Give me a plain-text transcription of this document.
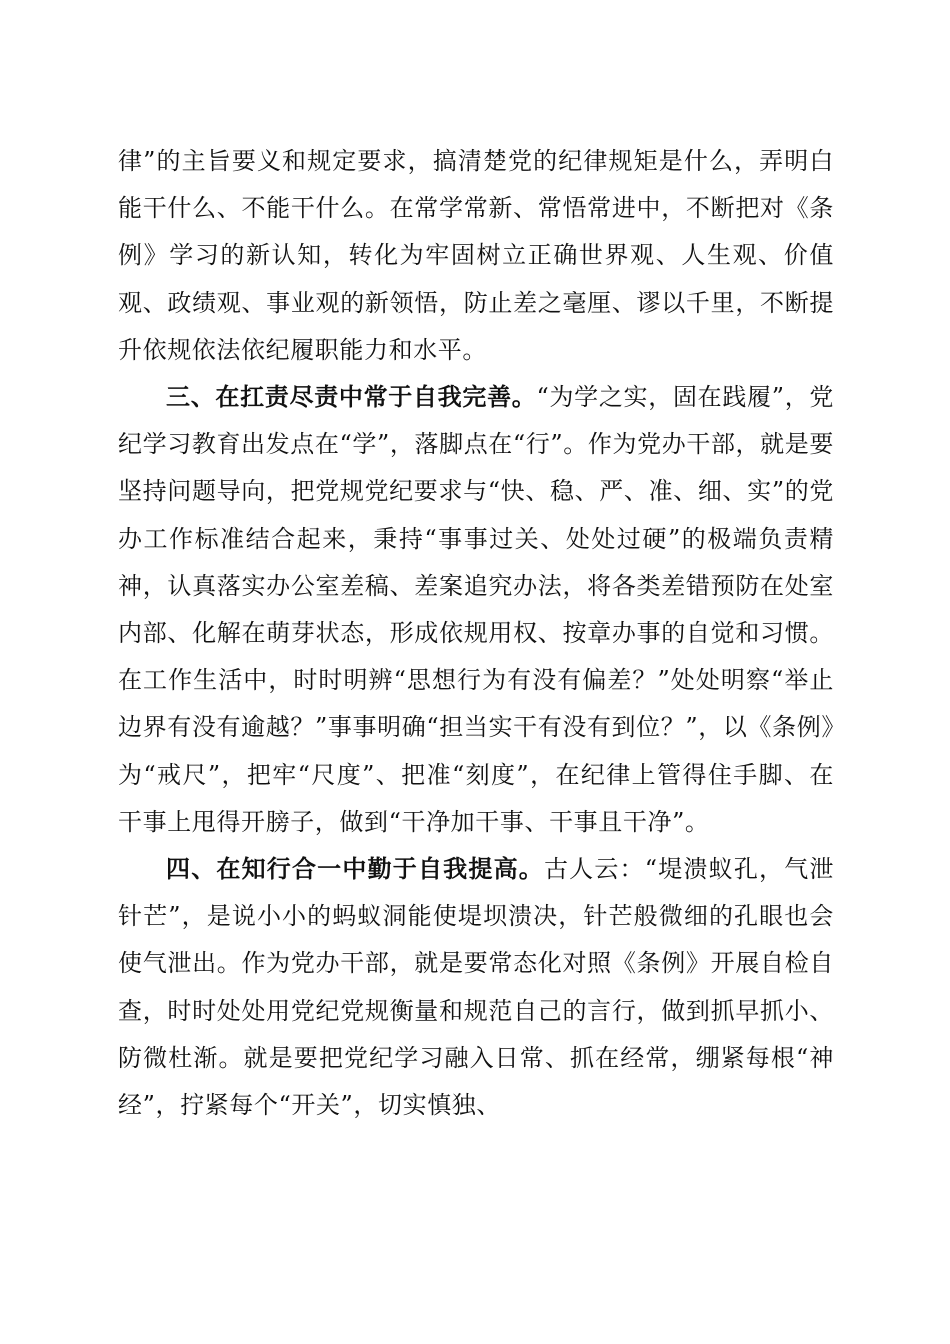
律”的主旨要义和规定要求，搞清楚党的纪律规矩是什么，弄明白能干什么、不能干什么。在常学常新、常悟常进中，不断把对《条例》学习的新认知，转化为牢固树立正确世界观、人生观、价值观、政绩观、事业观的新领悟，防止差之毫厘、谬以千里，不断提升依规依法依纪履职能力和水平。

三、在扛责尽责中常于自我完善。“为学之实，固在践履”，党纪学习教育出发点在“学”，落脚点在“行”。作为党办干部，就是要坚持问题导向，把党规党纪要求与“快、稳、严、准、细、实”的党办工作标准结合起来，秉持“事事过关、处处过硬”的极端负责精神，认真落实办公室差稿、差案追究办法，将各类差错预防在处室内部、化解在萌芽状态，形成依规用权、按章办事的自觉和习惯。在工作生活中，时时明辨“思想行为有没有偏差？”处处明察“举止边界有没有逾越？”事事明确“担当实干有没有到位？”，以《条例》为“戒尺”，把牢“尺度”、把准“刻度”，在纪律上管得住手脚、在干事上甩得开膀子，做到“干净加干事、干事且干净”。

四、在知行合一中勤于自我提高。古人云：“堤溃蚁孔，气泄针芒”，是说小小的蚂蚁洞能使堤坝溃决，针芒般微细的孔眼也会使气泄出。作为党办干部，就是要常态化对照《条例》开展自检自查，时时处处用党纪党规衡量和规范自己的言行，做到抓早抓小、防微杜渐。就是要把党纪学习融入日常、抓在经常，绷紧每根“神经”，拧紧每个“开关”，切实慎独、
